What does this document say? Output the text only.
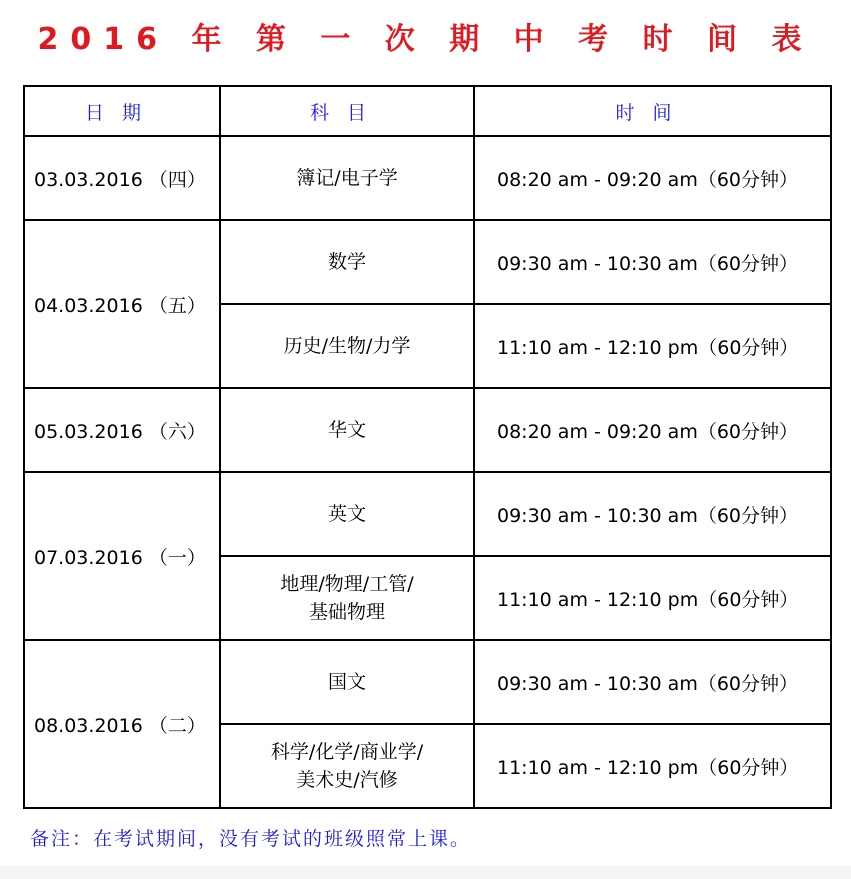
2016 年 第 一 次 期 中 考 时 间 表
日期	科目	时间
03.03.2016 （四）	簿记/电子学	08:20 am - 09:20 am（60分钟）
04.03.2016 （五）	数学	09:30 am - 10:30 am（60分钟）

	历史/生物/力学	11:10 am - 12:10 pm（60分钟）
05.03.2016 （六）	华文	08:20 am - 09:20 am（60分钟）
07.03.2016 （一）	英文	09:30 am - 10:30 am（60分钟）

	地理/物理/工管/
基础物理	11:10 am - 12:10 pm（60分钟）
08.03.2016 （二）	国文	09:30 am - 10:30 am（60分钟）

	科学/化学/商业学/
美术史/汽修	11:10 am - 12:10 pm（60分钟）
备注：在考试期间，没有考试的班级照常上课。
